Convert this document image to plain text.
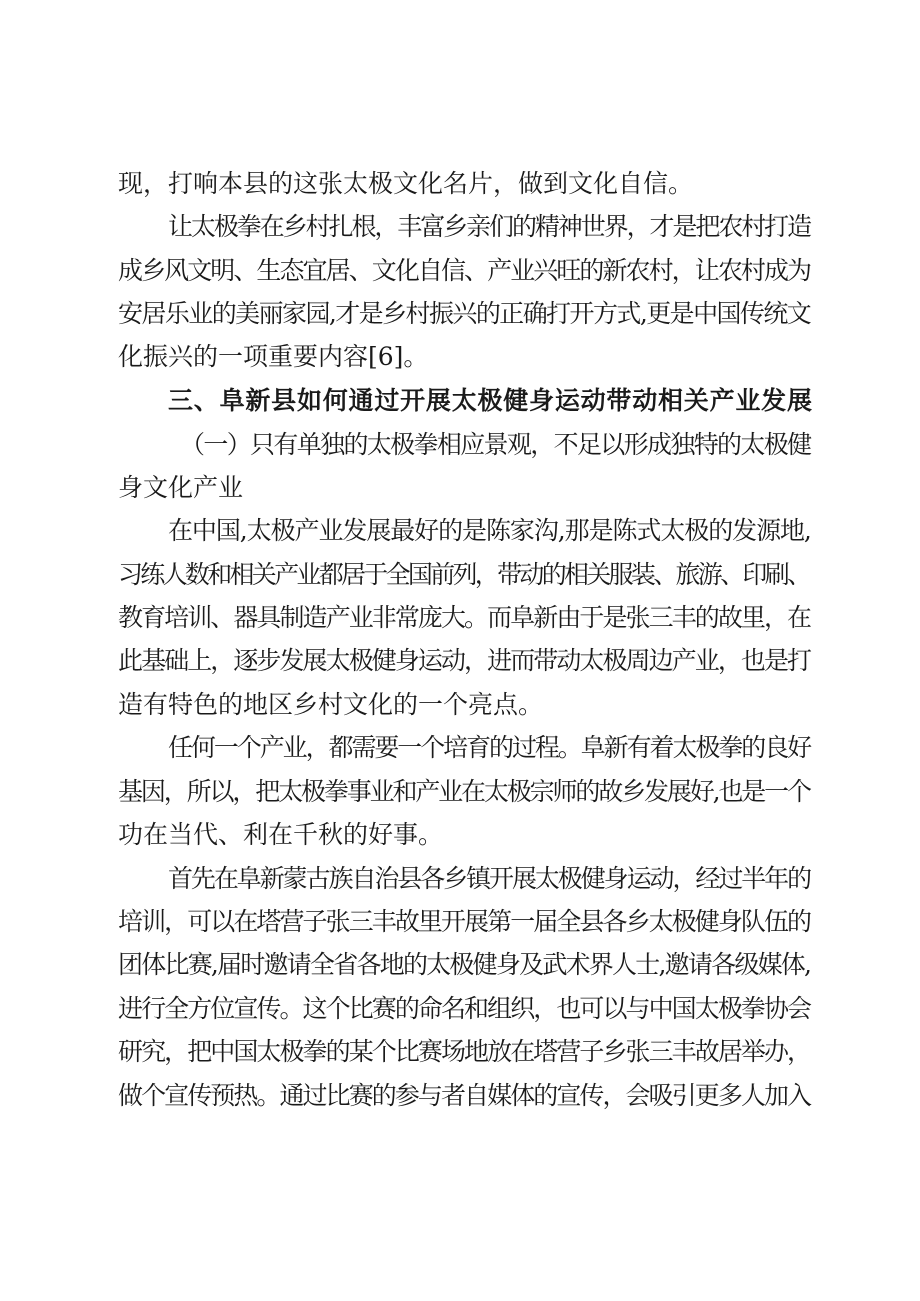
现，打响本县的这张太极文化名片，做到文化自信。
让太极拳在乡村扎根，丰富乡亲们的精神世界，才是把农村打造
成乡风文明、生态宜居、文化自信、产业兴旺的新农村，让农村成为
安居乐业的美丽家园,才是乡村振兴的正确打开方式,更是中国传统文
化振兴的一项重要内容[6]。
三、阜新县如何通过开展太极健身运动带动相关产业发展
（一）只有单独的太极拳相应景观，不足以形成独特的太极健
身文化产业
在中国,太极产业发展最好的是陈家沟,那是陈式太极的发源地,
习练人数和相关产业都居于全国前列，带动的相关服装、旅游、印刷、
教育培训、器具制造产业非常庞大。而阜新由于是张三丰的故里，在
此基础上，逐步发展太极健身运动，进而带动太极周边产业，也是打
造有特色的地区乡村文化的一个亮点。
任何一个产业，都需要一个培育的过程。阜新有着太极拳的良好
基因，所以，把太极拳事业和产业在太极宗师的故乡发展好,也是一个
功在当代、利在千秋的好事。
首先在阜新蒙古族自治县各乡镇开展太极健身运动，经过半年的
培训，可以在塔营子张三丰故里开展第一届全县各乡太极健身队伍的
团体比赛,届时邀请全省各地的太极健身及武术界人士,邀请各级媒体,
进行全方位宣传。这个比赛的命名和组织，也可以与中国太极拳协会
研究，把中国太极拳的某个比赛场地放在塔营子乡张三丰故居举办，
做个宣传预热。通过比赛的参与者自媒体的宣传，会吸引更多人加入
